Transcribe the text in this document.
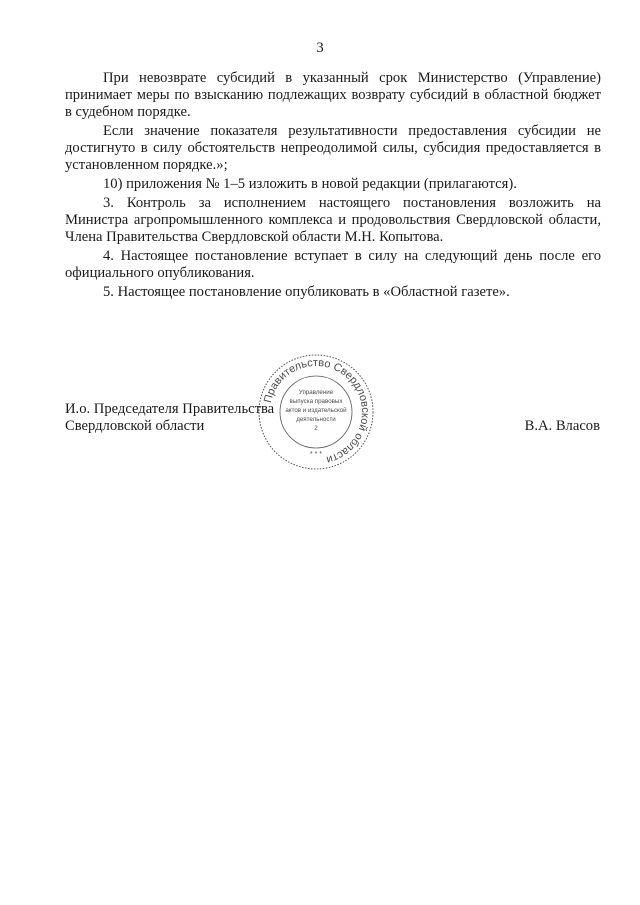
3

При невозврате субсидий в указанный срок Министерство (Управление) принимает меры по взысканию подлежащих возврату субсидий в областной бюджет в судебном порядке.

Если значение показателя результативности предоставления субсидии не достигнуто в силу обстоятельств непреодолимой силы, субсидия предоставляется в установленном порядке.»;

10) приложения № 1–5 изложить в новой редакции (прилагаются).

3. Контроль за исполнением настоящего постановления возложить на Министра агропромышленного комплекса и продовольствия Свердловской области, Члена Правительства Свердловской области М.Н. Копытова.

4. Настоящее постановление вступает в силу на следующий день после его официального опубликования.

5. Настоящее постановление опубликовать в «Областной газете».

И.о. Председателя Правительства
Свердловской области	В.А. Власов
Правительство Свердловской области
Управление
выпуска правовых
актов и издательской
деятельности
2
* * *
